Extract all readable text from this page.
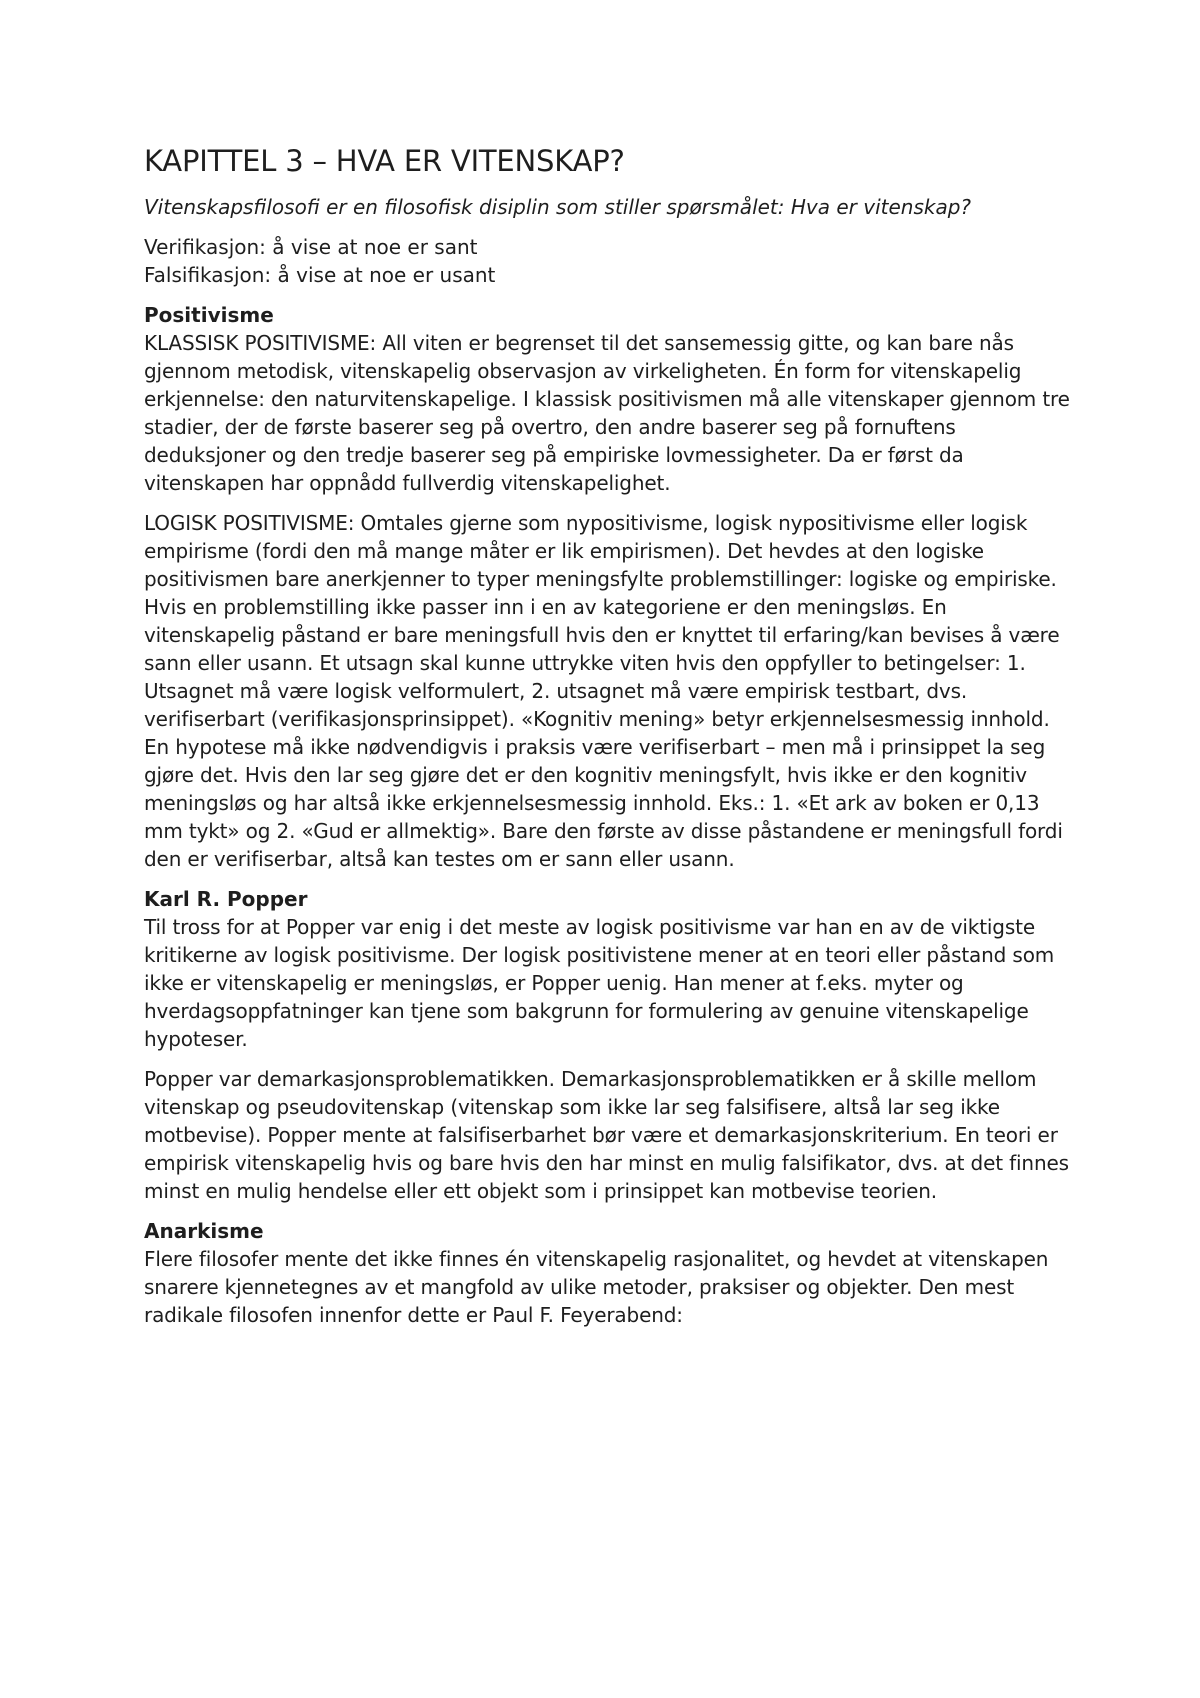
KAPITTEL 3 – HVA ER VITENSKAP?

Vitenskapsfilosofi er en filosofisk disiplin som stiller spørsmålet: Hva er vitenskap?

Verifikasjon: å vise at noe er sant
Falsifikasjon: å vise at noe er usant
Positivisme

KLASSISK POSITIVISME: All viten er begrenset til det sansemessig gitte, og kan bare nås gjennom metodisk, vitenskapelig observasjon av virkeligheten. Én form for vitenskapelig erkjennelse: den naturvitenskapelige. I klassisk positivismen må alle vitenskaper gjennom tre stadier, der de første baserer seg på overtro, den andre baserer seg på fornuftens deduksjoner og den tredje baserer seg på empiriske lovmessigheter. Da er først da vitenskapen har oppnådd fullverdig vitenskapelighet.

LOGISK POSITIVISME: Omtales gjerne som nypositivisme, logisk nypositivisme eller logisk empirisme (fordi den må mange måter er lik empirismen). Det hevdes at den logiske positivismen bare anerkjenner to typer meningsfylte problemstillinger: logiske og empiriske. Hvis en problemstilling ikke passer inn i en av kategoriene er den meningsløs. En vitenskapelig påstand er bare meningsfull hvis den er knyttet til erfaring/kan bevises å være sann eller usann. Et utsagn skal kunne uttrykke viten hvis den oppfyller to betingelser: 1. Utsagnet må være logisk velformulert, 2. utsagnet må være empirisk testbart, dvs. verifiserbart (verifikasjonsprinsippet). «Kognitiv mening» betyr erkjennelsesmessig innhold. En hypotese må ikke nødvendigvis i praksis være verifiserbart – men må i prinsippet la seg gjøre det. Hvis den lar seg gjøre det er den kognitiv meningsfylt, hvis ikke er den kognitiv meningsløs og har altså ikke erkjennelsesmessig innhold. Eks.: 1. «Et ark av boken er 0,13 mm tykt» og 2. «Gud er allmektig». Bare den første av disse påstandene er meningsfull fordi den er verifiserbar, altså kan testes om er sann eller usann.

Karl R. Popper

Til tross for at Popper var enig i det meste av logisk positivisme var han en av de viktigste kritikerne av logisk positivisme. Der logisk positivistene mener at en teori eller påstand som ikke er vitenskapelig er meningsløs, er Popper uenig. Han mener at f.eks. myter og hverdagsoppfatninger kan tjene som bakgrunn for formulering av genuine vitenskapelige hypoteser.

Popper var demarkasjonsproblematikken. Demarkasjonsproblematikken er å skille mellom vitenskap og pseudovitenskap (vitenskap som ikke lar seg falsifisere, altså lar seg ikke motbevise). Popper mente at falsifiserbarhet bør være et demarkasjonskriterium. En teori er empirisk vitenskapelig hvis og bare hvis den har minst en mulig falsifikator, dvs. at det finnes minst en mulig hendelse eller ett objekt som i prinsippet kan motbevise teorien.

Anarkisme

Flere filosofer mente det ikke finnes én vitenskapelig rasjonalitet, og hevdet at vitenskapen snarere kjennetegnes av et mangfold av ulike metoder, praksiser og objekter. Den mest radikale filosofen innenfor dette er Paul F. Feyerabend:
